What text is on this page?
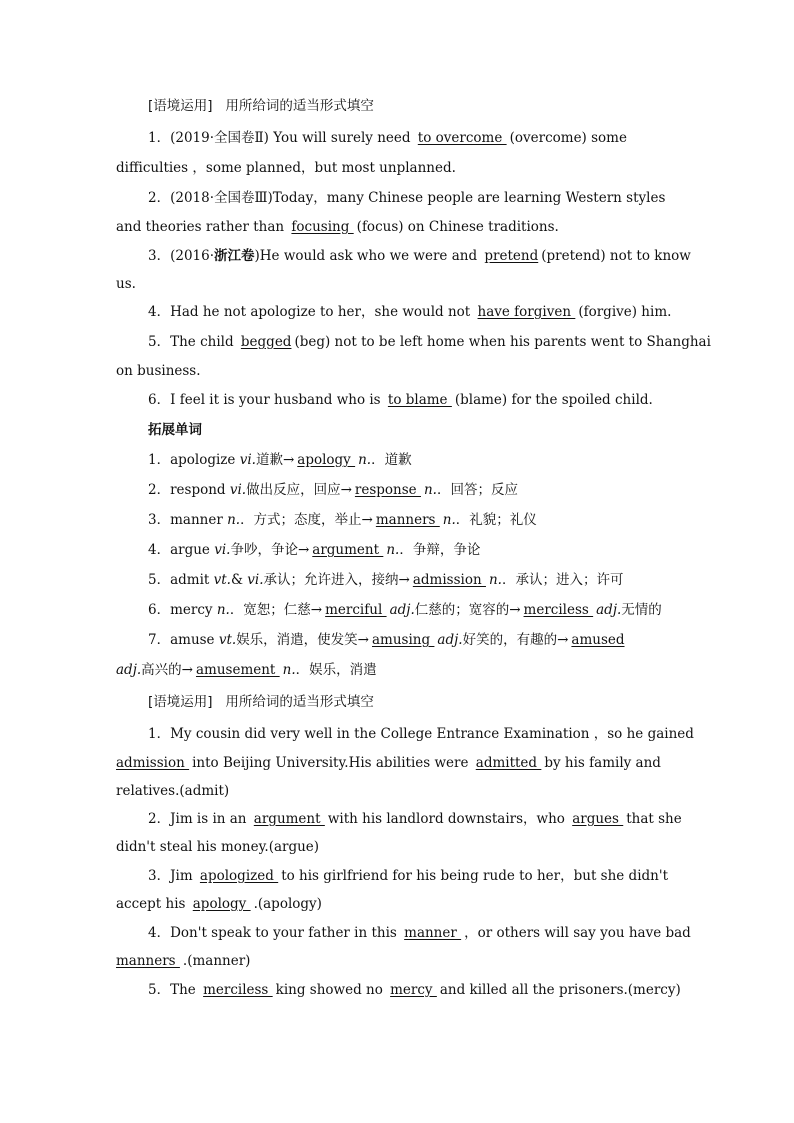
[语境运用] 用所给词的适当形式填空
1．(2019·全国卷Ⅱ) You will surely need to overcome (overcome) some
difficulties ，some planned，but most unplanned.
2．(2018·全国卷Ⅲ)Today，many Chinese people are learning Western styles
and theories rather than focusing (focus) on Chinese traditions.
3．(2016·浙江卷)He would ask who we were and pretend (pretend) not to know
us.
4．Had he not apologize to her，she would not have forgiven (forgive) him.
5．The child begged (beg) not to be left home when his parents went to Shanghai
on business.
6．I feel it is your husband who is to blame (blame) for the spoiled child.
拓展单词
1．apologize vi.道歉→ apology n.．道歉
2．respond vi.做出反应，回应→ response n.．回答；反应
3．manner n.．方式；态度，举止→ manners n.．礼貌；礼仪
4．argue vi.争吵，争论→ argument n.．争辩，争论
5．admit vt.& vi.承认；允许进入，接纳→ admission n.．承认；进入；许可
6．mercy n.．宽恕；仁慈→ merciful adj.仁慈的；宽容的→ merciless adj.无情的
7．amuse vt.娱乐，消遣，使发笑→ amusing adj.好笑的，有趣的→ amused
adj.高兴的→ amusement n.．娱乐，消遣
[语境运用] 用所给词的适当形式填空
1．My cousin did very well in the College Entrance Examination ，so he gained
admission into Beijing University.His abilities were admitted by his family and
relatives.(admit)
2．Jim is in an argument with his landlord downstairs，who argues that she
didn't steal his money.(argue)
3．Jim apologized to his girlfriend for his being rude to her，but she didn't
accept his apology .(apology)
4．Don't speak to your father in this manner ，or others will say you have bad
manners .(manner)
5．The merciless king showed no mercy and killed all the prisoners.(mercy)
